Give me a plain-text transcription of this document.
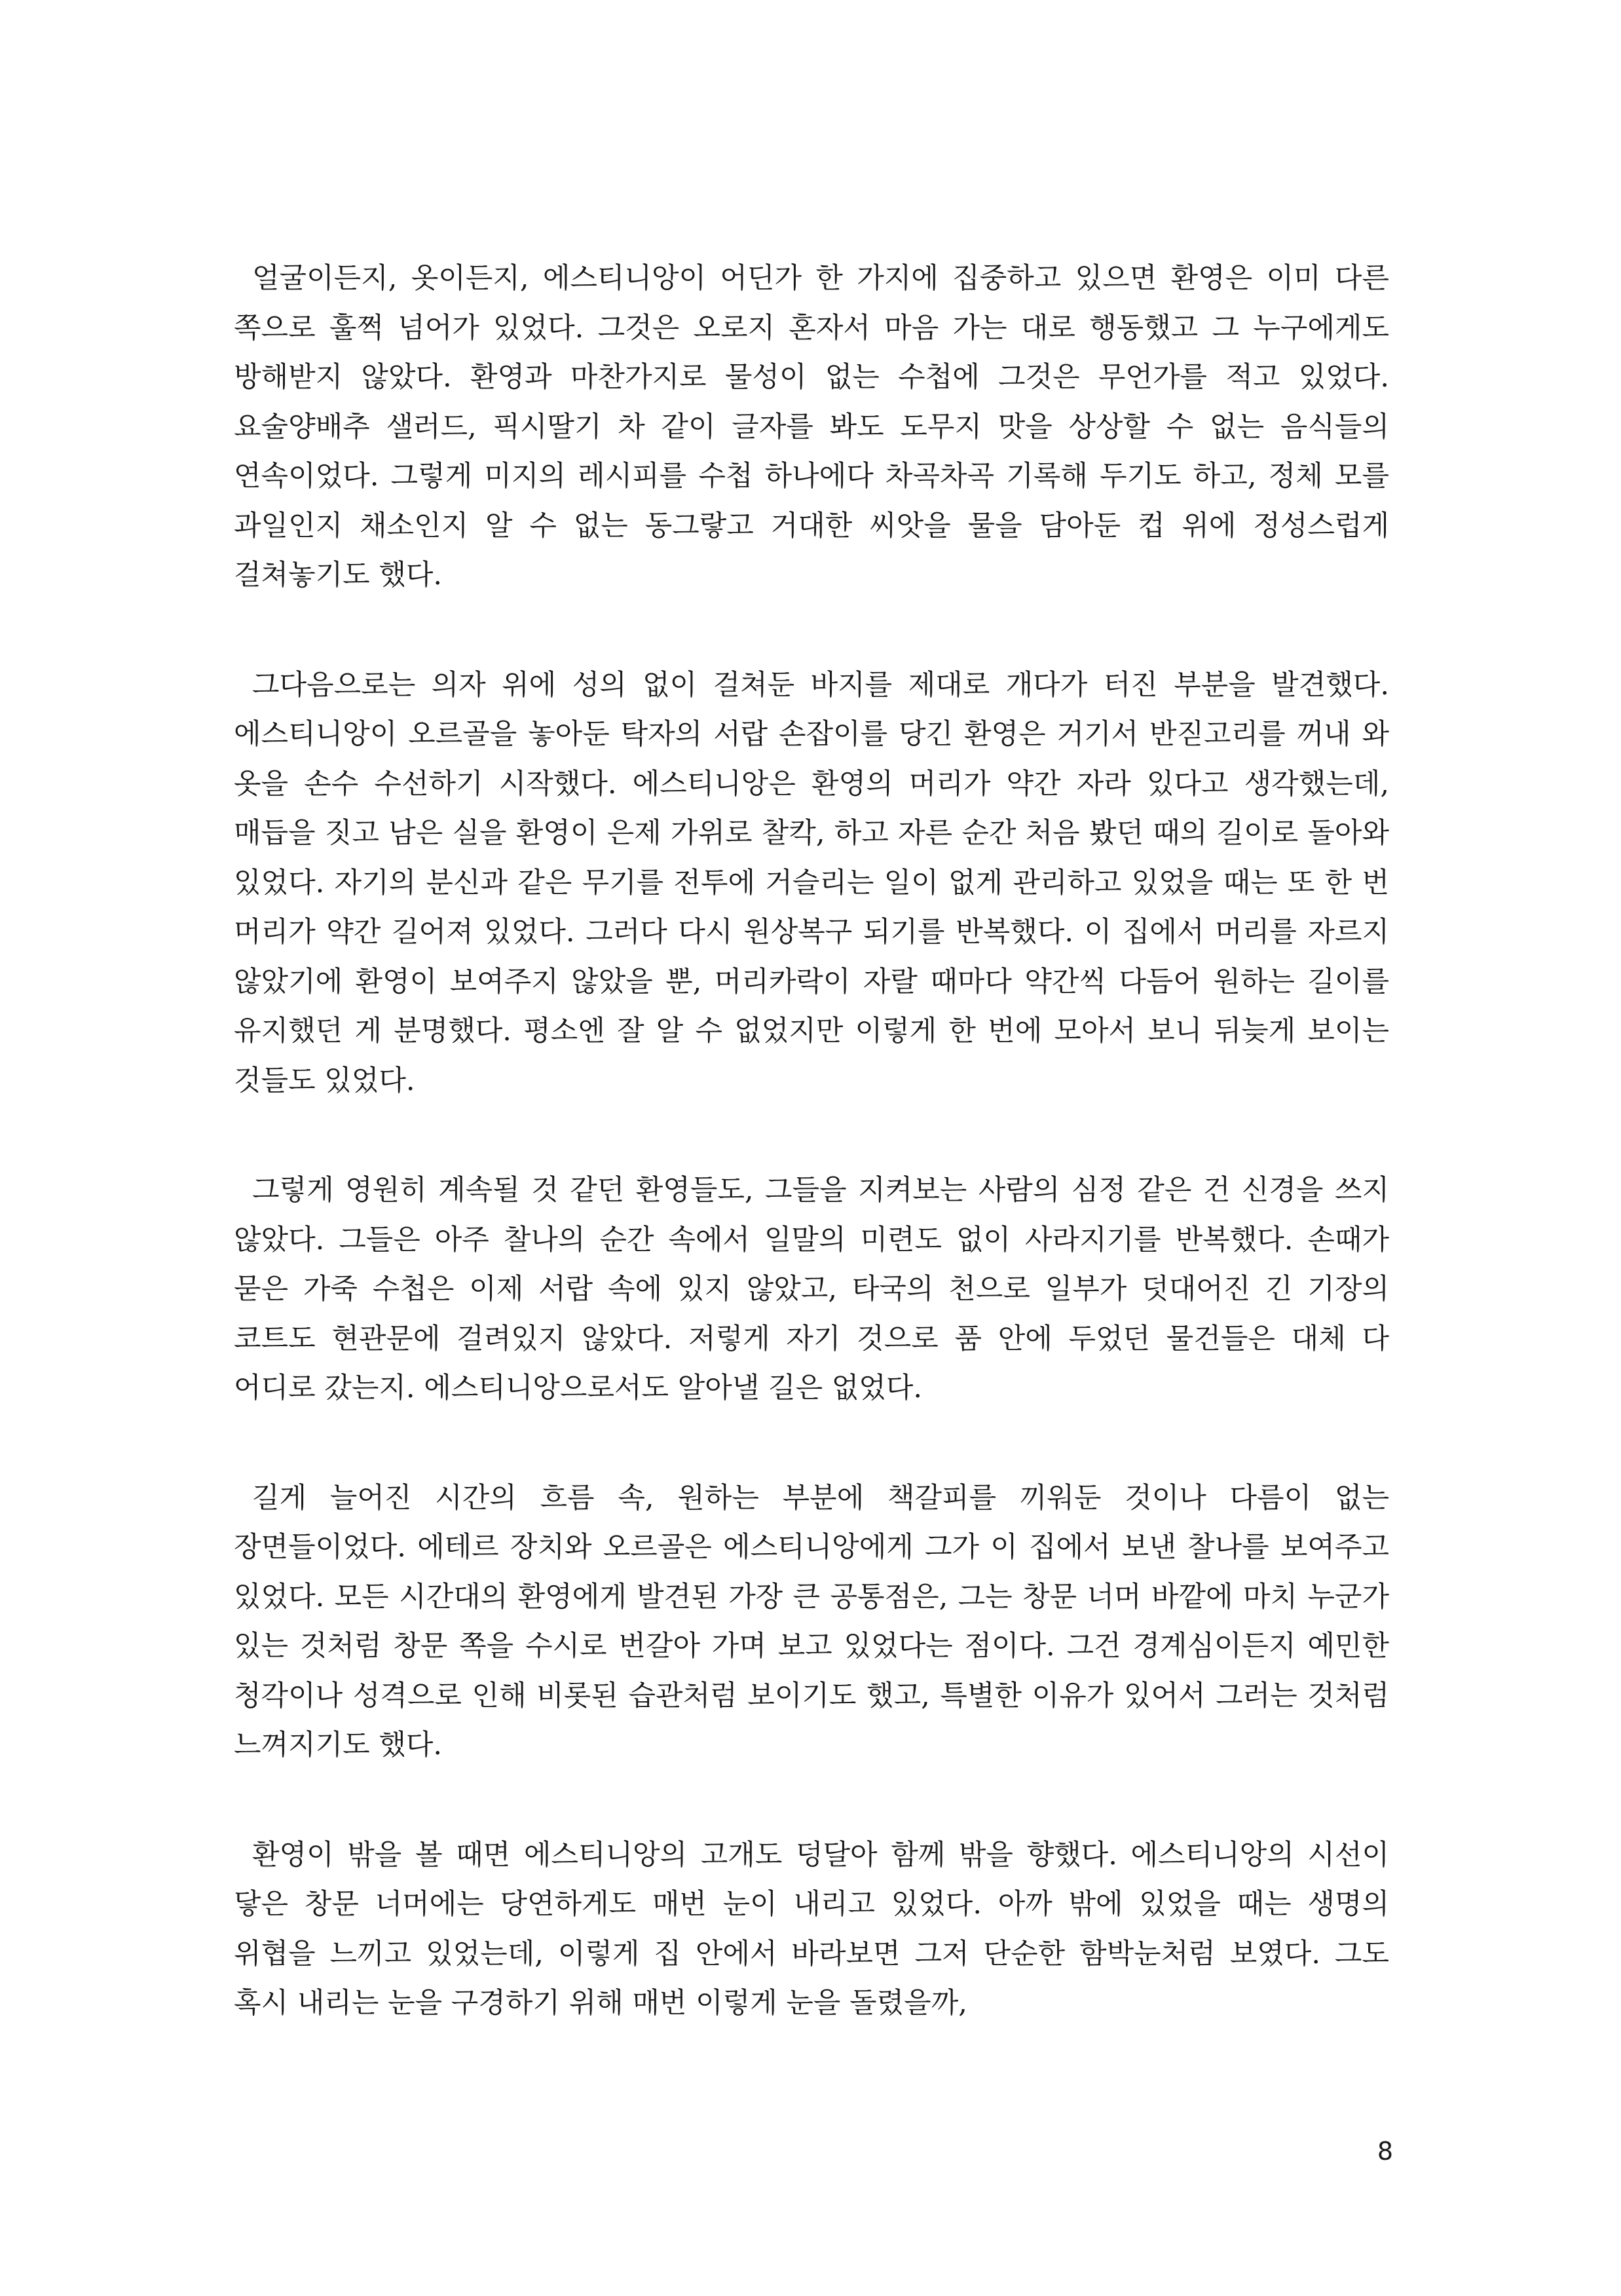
얼굴이든지, 옷이든지, 에스티니앙이 어딘가 한 가지에 집중하고 있으면 환영은 이미 다른 쪽으로 훌쩍 넘어가 있었다. 그것은 오로지 혼자서 마음 가는 대로 행동했고 그 누구에게도 방해받지 않았다. 환영과 마찬가지로 물성이 없는 수첩에 그것은 무언가를 적고 있었다. 요술양배추 샐러드, 픽시딸기 차 같이 글자를 봐도 도무지 맛을 상상할 수 없는 음식들의 연속이었다. 그렇게 미지의 레시피를 수첩 하나에다 차곡차곡 기록해 두기도 하고, 정체 모를 과일인지 채소인지 알 수 없는 동그랗고 거대한 씨앗을 물을 담아둔 컵 위에 정성스럽게 걸쳐놓기도 했다.

그다음으로는 의자 위에 성의 없이 걸쳐둔 바지를 제대로 개다가 터진 부분을 발견했다. 에스티니앙이 오르골을 놓아둔 탁자의 서랍 손잡이를 당긴 환영은 거기서 반짇고리를 꺼내 와 옷을 손수 수선하기 시작했다. 에스티니앙은 환영의 머리가 약간 자라 있다고 생각했는데, 매듭을 짓고 남은 실을 환영이 은제 가위로 찰칵, 하고 자른 순간 처음 봤던 때의 길이로 돌아와 있었다. 자기의 분신과 같은 무기를 전투에 거슬리는 일이 없게 관리하고 있었을 때는 또 한 번 머리가 약간 길어져 있었다. 그러다 다시 원상복구 되기를 반복했다. 이 집에서 머리를 자르지 않았기에 환영이 보여주지 않았을 뿐, 머리카락이 자랄 때마다 약간씩 다듬어 원하는 길이를 유지했던 게 분명했다. 평소엔 잘 알 수 없었지만 이렇게 한 번에 모아서 보니 뒤늦게 보이는 것들도 있었다.

그렇게 영원히 계속될 것 같던 환영들도, 그들을 지켜보는 사람의 심정 같은 건 신경을 쓰지 않았다. 그들은 아주 찰나의 순간 속에서 일말의 미련도 없이 사라지기를 반복했다. 손때가 묻은 가죽 수첩은 이제 서랍 속에 있지 않았고, 타국의 천으로 일부가 덧대어진 긴 기장의 코트도 현관문에 걸려있지 않았다. 저렇게 자기 것으로 품 안에 두었던 물건들은 대체 다 어디로 갔는지. 에스티니앙으로서도 알아낼 길은 없었다.

길게 늘어진 시간의 흐름 속, 원하는 부분에 책갈피를 끼워둔 것이나 다름이 없는 장면들이었다. 에테르 장치와 오르골은 에스티니앙에게 그가 이 집에서 보낸 찰나를 보여주고 있었다. 모든 시간대의 환영에게 발견된 가장 큰 공통점은, 그는 창문 너머 바깥에 마치 누군가 있는 것처럼 창문 쪽을 수시로 번갈아 가며 보고 있었다는 점이다. 그건 경계심이든지 예민한 청각이나 성격으로 인해 비롯된 습관처럼 보이기도 했고, 특별한 이유가 있어서 그러는 것처럼 느껴지기도 했다.

환영이 밖을 볼 때면 에스티니앙의 고개도 덩달아 함께 밖을 향했다. 에스티니앙의 시선이 닿은 창문 너머에는 당연하게도 매번 눈이 내리고 있었다. 아까 밖에 있었을 때는 생명의 위협을 느끼고 있었는데, 이렇게 집 안에서 바라보면 그저 단순한 함박눈처럼 보였다. 그도 혹시 내리는 눈을 구경하기 위해 매번 이렇게 눈을 돌렸을까,

8
